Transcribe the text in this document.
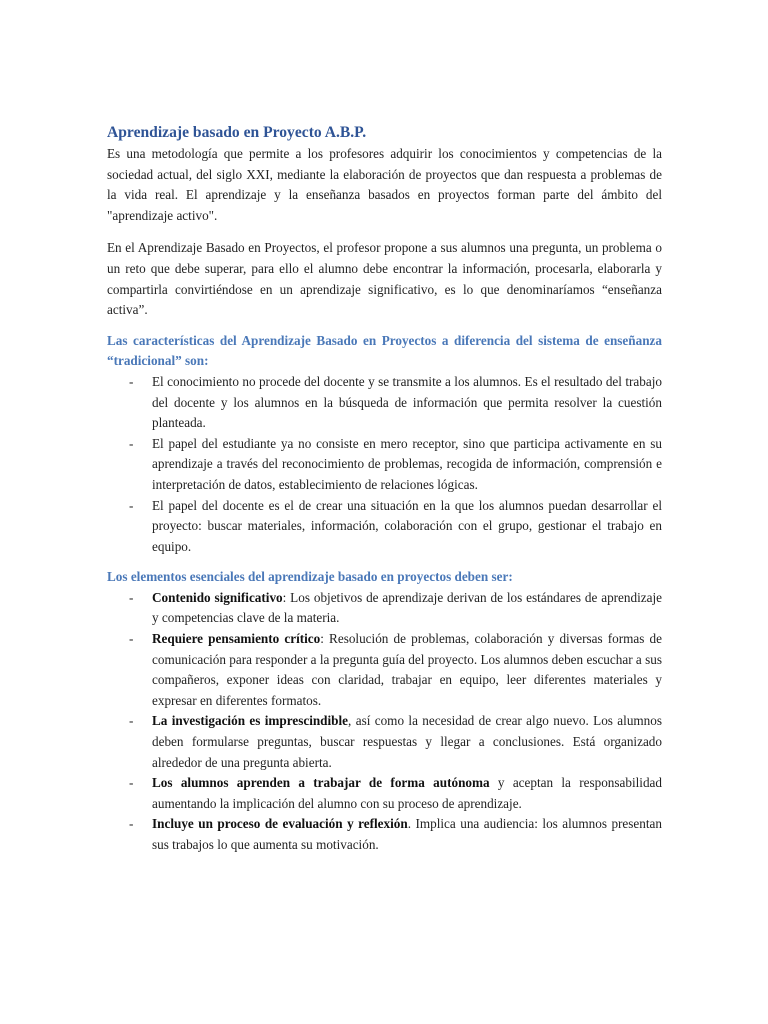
Aprendizaje basado en Proyecto A.B.P.

Es una metodología que permite a los profesores adquirir los conocimientos y competencias de la sociedad actual, del siglo XXI, mediante la elaboración de proyectos que dan respuesta a problemas de la vida real. El aprendizaje y la enseñanza basados en proyectos forman parte del ámbito del "aprendizaje activo".

En el Aprendizaje Basado en Proyectos, el profesor propone a sus alumnos una pregunta, un problema o un reto que debe superar, para ello el alumno debe encontrar la información, procesarla, elaborarla y compartirla convirtiéndose en un aprendizaje significativo, es lo que denominaríamos “enseñanza activa”.

Las características del Aprendizaje Basado en Proyectos a diferencia del sistema de enseñanza “tradicional” son:

- El conocimiento no procede del docente y se transmite a los alumnos. Es el resultado del trabajo del docente y los alumnos en la búsqueda de información que permita resolver la cuestión planteada.
- El papel del estudiante ya no consiste en mero receptor, sino que participa activamente en su aprendizaje a través del reconocimiento de problemas, recogida de información, comprensión e interpretación de datos, establecimiento de relaciones lógicas.
- El papel del docente es el de crear una situación en la que los alumnos puedan desarrollar el proyecto: buscar materiales, información, colaboración con el grupo, gestionar el trabajo en equipo.

Los elementos esenciales del aprendizaje basado en proyectos deben ser:

- Contenido significativo: Los objetivos de aprendizaje derivan de los estándares de aprendizaje y competencias clave de la materia.
- Requiere pensamiento crítico: Resolución de problemas, colaboración y diversas formas de comunicación para responder a la pregunta guía del proyecto. Los alumnos deben escuchar a sus compañeros, exponer ideas con claridad, trabajar en equipo, leer diferentes materiales y expresar en diferentes formatos.
- La investigación es imprescindible, así como la necesidad de crear algo nuevo. Los alumnos deben formularse preguntas, buscar respuestas y llegar a conclusiones. Está organizado alrededor de una pregunta abierta.
- Los alumnos aprenden a trabajar de forma autónoma y aceptan la responsabilidad aumentando la implicación del alumno con su proceso de aprendizaje.
- Incluye un proceso de evaluación y reflexión. Implica una audiencia: los alumnos presentan sus trabajos lo que aumenta su motivación.
